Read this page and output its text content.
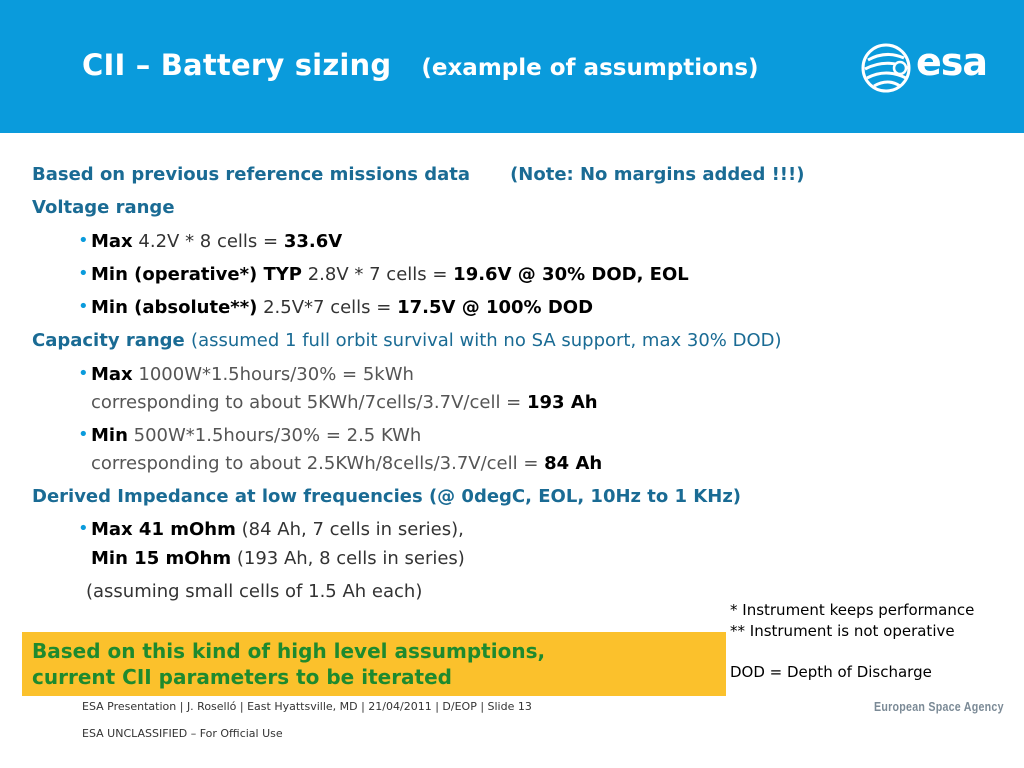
CII – Battery sizing (example of assumptions)	esa
Based on previous reference missions data (Note: No margins added !!!)
Voltage range
• Max 4.2V * 8 cells = 33.6V
• Min (operative*) TYP 2.8V * 7 cells = 19.6V @ 30% DOD, EOL
• Min (absolute**) 2.5V*7 cells = 17.5V @ 100% DOD
Capacity range (assumed 1 full orbit survival with no SA support, max 30% DOD)
• Max 1000W*1.5hours/30% = 5kWh
corresponding to about 5KWh/7cells/3.7V/cell = 193 Ah
• Min 500W*1.5hours/30% = 2.5 KWh
corresponding to about 2.5KWh/8cells/3.7V/cell = 84 Ah
Derived Impedance at low frequencies (@ 0degC, EOL, 10Hz to 1 KHz)
• Max 41 mOhm (84 Ah, 7 cells in series),
Min 15 mOhm (193 Ah, 8 cells in series)
(assuming small cells of 1.5 Ah each)
* Instrument keeps performance
** Instrument is not operative
DOD = Depth of Discharge
Based on this kind of high level assumptions,
current CII parameters to be iterated
ESA Presentation | J. Roselló | East Hyattsville, MD | 21/04/2011 | D/EOP | Slide 13
ESA UNCLASSIFIED – For Official Use
European Space Agency
